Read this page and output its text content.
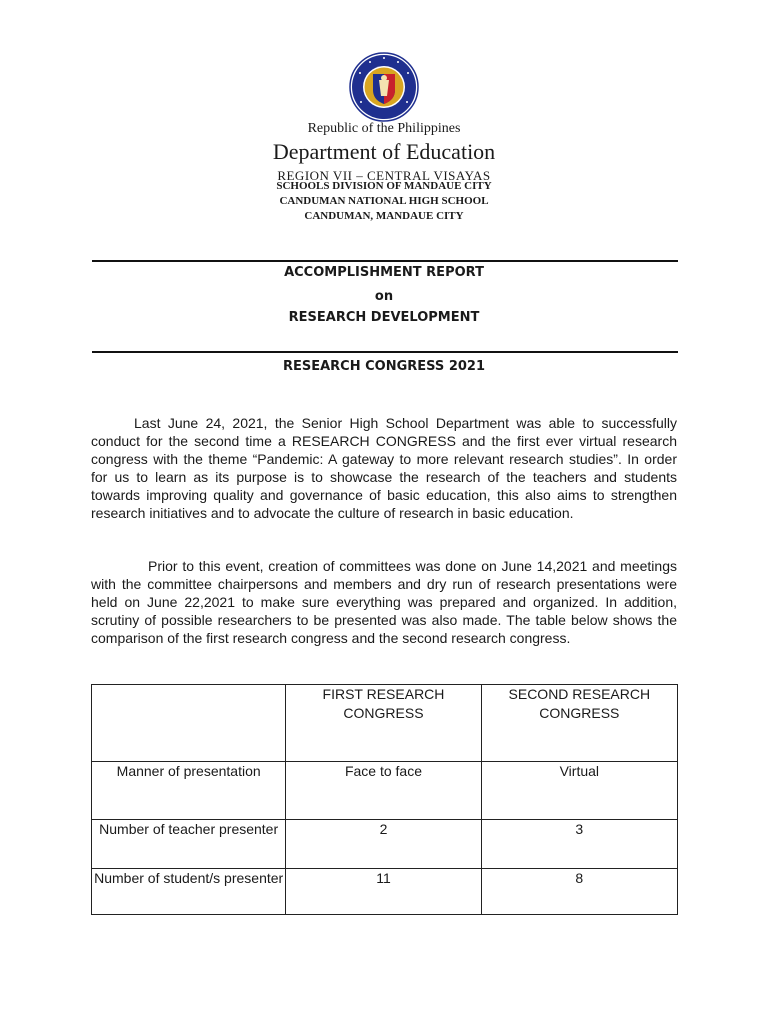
Republic of the Philippines

Department of Education

REGION VII – CENTRAL VISAYAS

SCHOOLS DIVISION OF MANDAUE CITY

CANDUMAN NATIONAL HIGH SCHOOL

CANDUMAN, MANDAUE CITY

ACCOMPLISHMENT REPORT

on

RESEARCH DEVELOPMENT

RESEARCH CONGRESS 2021

Last June 24, 2021, the Senior High School Department was able to successfully conduct for the second time a RESEARCH CONGRESS and the first ever virtual research congress with the theme “Pandemic: A gateway to more relevant research studies”. In order for us to learn as its purpose is to showcase the research of the teachers and students towards improving quality and governance of basic education, this also aims to strengthen research initiatives and to advocate the culture of research in basic education.

Prior to this event, creation of committees was done on June 14,2021 and meetings with the committee chairpersons and members and dry run of research presentations were held on June 22,2021 to make sure everything was prepared and organized. In addition, scrutiny of possible researchers to be presented was also made. The table below shows the comparison of the first research congress and the second research congress.

	FIRST RESEARCH CONGRESS	SECOND RESEARCH CONGRESS

Manner of presentation	Face to face	Virtual

Number of teacher presenter	2	3

Number of student/s presenter	11	8
